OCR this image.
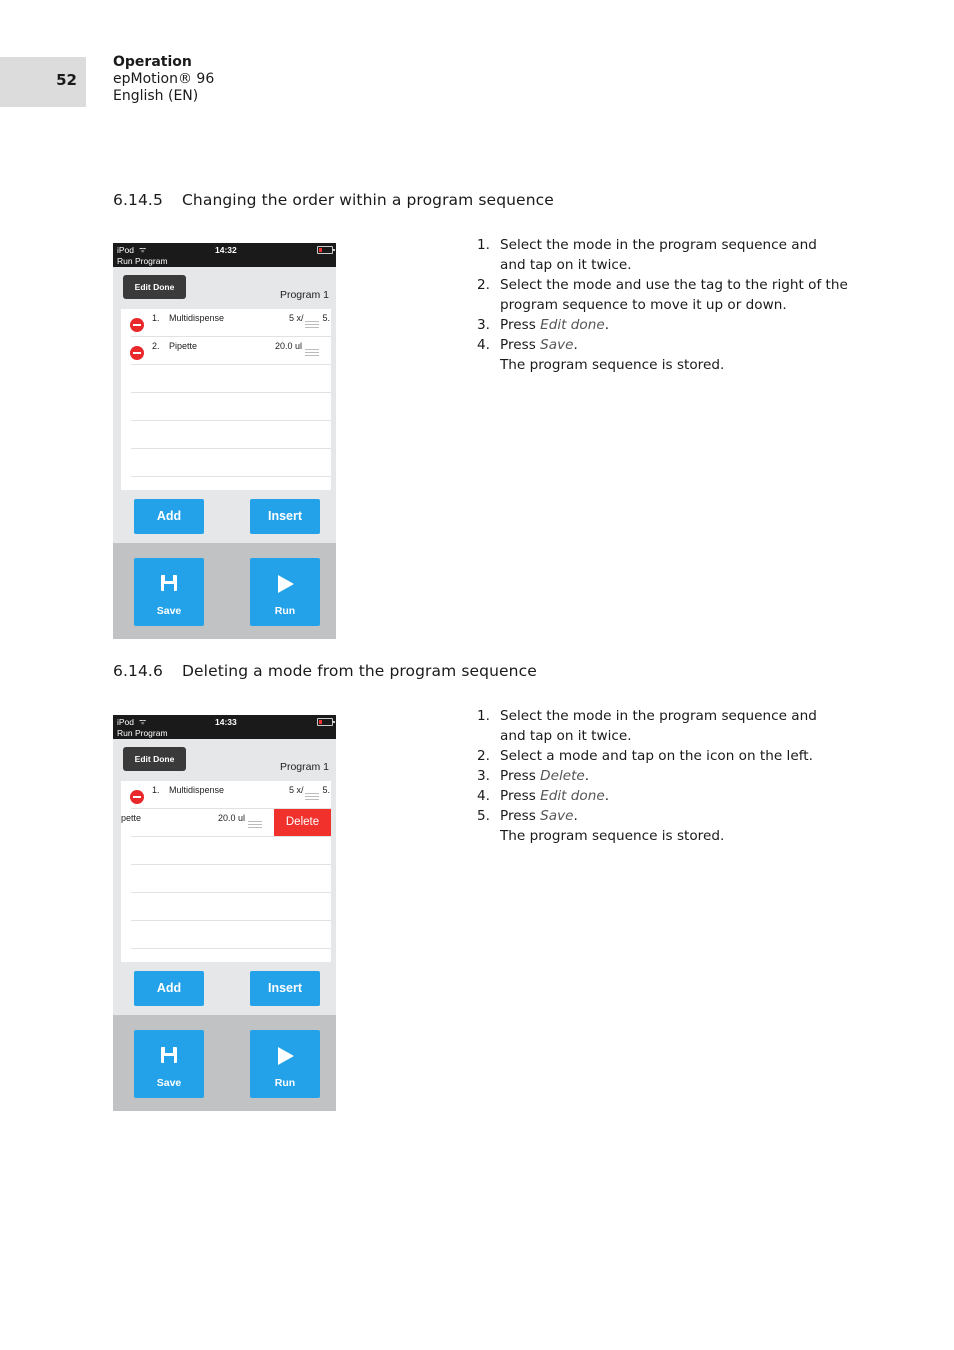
52
Operation
epMotion® 96
English (EN)
6.14.5 Changing the order within a program sequence
iPod ᯤ	14:32
Run Program
Edit Done
Program 1
1. Multidispense	5 x/ 5.
2. Pipette	20.0 ul
Add	Insert
Save	Run
1. Select the mode in the program sequence and
and tap on it twice.
2. Select the mode and use the tag to the right of the
program sequence to move it up or down.
3. Press Edit done.
4. Press Save.
The program sequence is stored.
6.14.6 Deleting a mode from the program sequence
iPod ᯤ	14:33
Run Program
Edit Done
Program 1
1. Multidispense	5 x/ 5.
pette	20.0 ul	Delete
Add	Insert
Save	Run
1. Select the mode in the program sequence and
and tap on it twice.
2. Select a mode and tap on the icon on the left.
3. Press Delete.
4. Press Edit done.
5. Press Save.
The program sequence is stored.
